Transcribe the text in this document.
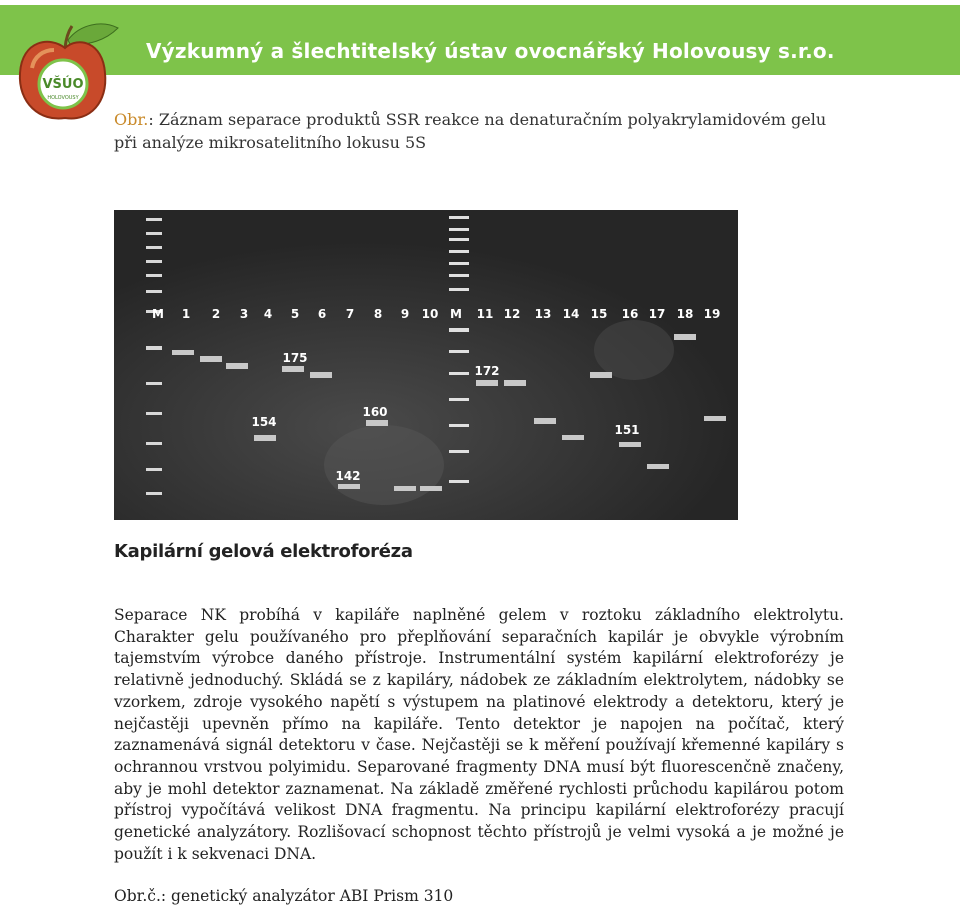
Výzkumný a šlechtitelský ústav ovocnářský Holovousy s.r.o.
VŠÚO
HOLOVOUSY
Obr.: Záznam separace produktů SSR reakce na denaturačním polyakrylamidovém gelu při analýze mikrosatelitního lokusu 5S
M 1 2 3 4 5 6 7 8 9 10 M 11 12 13 14 15 16 17 18 19
175
154
160
142
172
151
Kapilární gelová elektroforéza
Separace NK probíhá v kapiláře naplněné gelem v roztoku základního elektrolytu. Charakter gelu používaného pro přeplňování separačních kapilár je obvykle výrobním tajemstvím výrobce daného přístroje. Instrumentální systém kapilární elektroforézy je relativně jednoduchý. Skládá se z kapiláry, nádobek ze základním elektrolytem, nádobky se vzorkem, zdroje vysokého napětí s výstupem na platinové elektrody a detektoru, který je nejčastěji upevněn přímo na kapiláře. Tento detektor je napojen na počítač, který zaznamenává signál detektoru v čase. Nejčastěji se k měření používají křemenné kapiláry s ochrannou vrstvou polyimidu. Separované fragmenty DNA musí být fluorescenčně značeny, aby je mohl detektor zaznamenat. Na základě změřené rychlosti průchodu kapilárou potom přístroj vypočítává velikost DNA fragmentu. Na principu kapilární elektroforézy pracují genetické analyzátory. Rozlišovací schopnost těchto přístrojů je velmi vysoká a je možné je použít i k sekvenaci DNA.
Obr.č.: genetický analyzátor ABI Prism 310
